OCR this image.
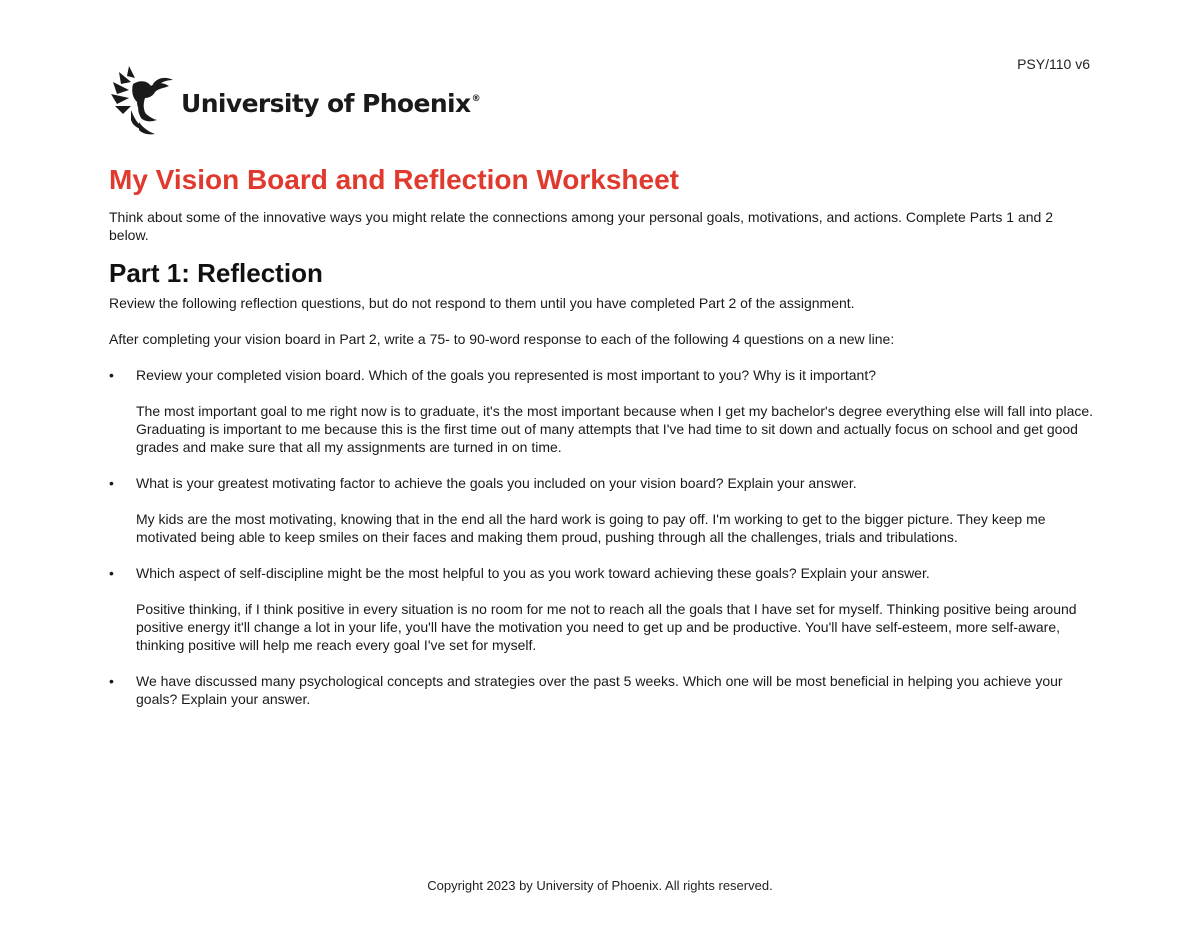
PSY/110 v6
University of Phoenix®
My Vision Board and Reflection Worksheet

Think about some of the innovative ways you might relate the connections among your personal goals, motivations, and actions. Complete Parts 1 and 2 below.

Part 1: Reflection

Review the following reflection questions, but do not respond to them until you have completed Part 2 of the assignment.

After completing your vision board in Part 2, write a 75- to 90-word response to each of the following 4 questions on a new line:

• Review your completed vision board. Which of the goals you represented is most important to you? Why is it important?
The most important goal to me right now is to graduate, it's the most important because when I get my bachelor's degree everything else will fall into place. Graduating is important to me because this is the first time out of many attempts that I've had time to sit down and actually focus on school and get good grades and make sure that all my assignments are turned in on time.
• What is your greatest motivating factor to achieve the goals you included on your vision board? Explain your answer.
My kids are the most motivating, knowing that in the end all the hard work is going to pay off. I'm working to get to the bigger picture. They keep me motivated being able to keep smiles on their faces and making them proud, pushing through all the challenges, trials and tribulations.
• Which aspect of self-discipline might be the most helpful to you as you work toward achieving these goals? Explain your answer.
Positive thinking, if I think positive in every situation is no room for me not to reach all the goals that I have set for myself. Thinking positive being around positive energy it'll change a lot in your life, you'll have the motivation you need to get up and be productive. You'll have self-esteem, more self-aware, thinking positive will help me reach every goal I've set for myself.
• We have discussed many psychological concepts and strategies over the past 5 weeks. Which one will be most beneficial in helping you achieve your goals? Explain your answer.
Copyright 2023 by University of Phoenix. All rights reserved.
